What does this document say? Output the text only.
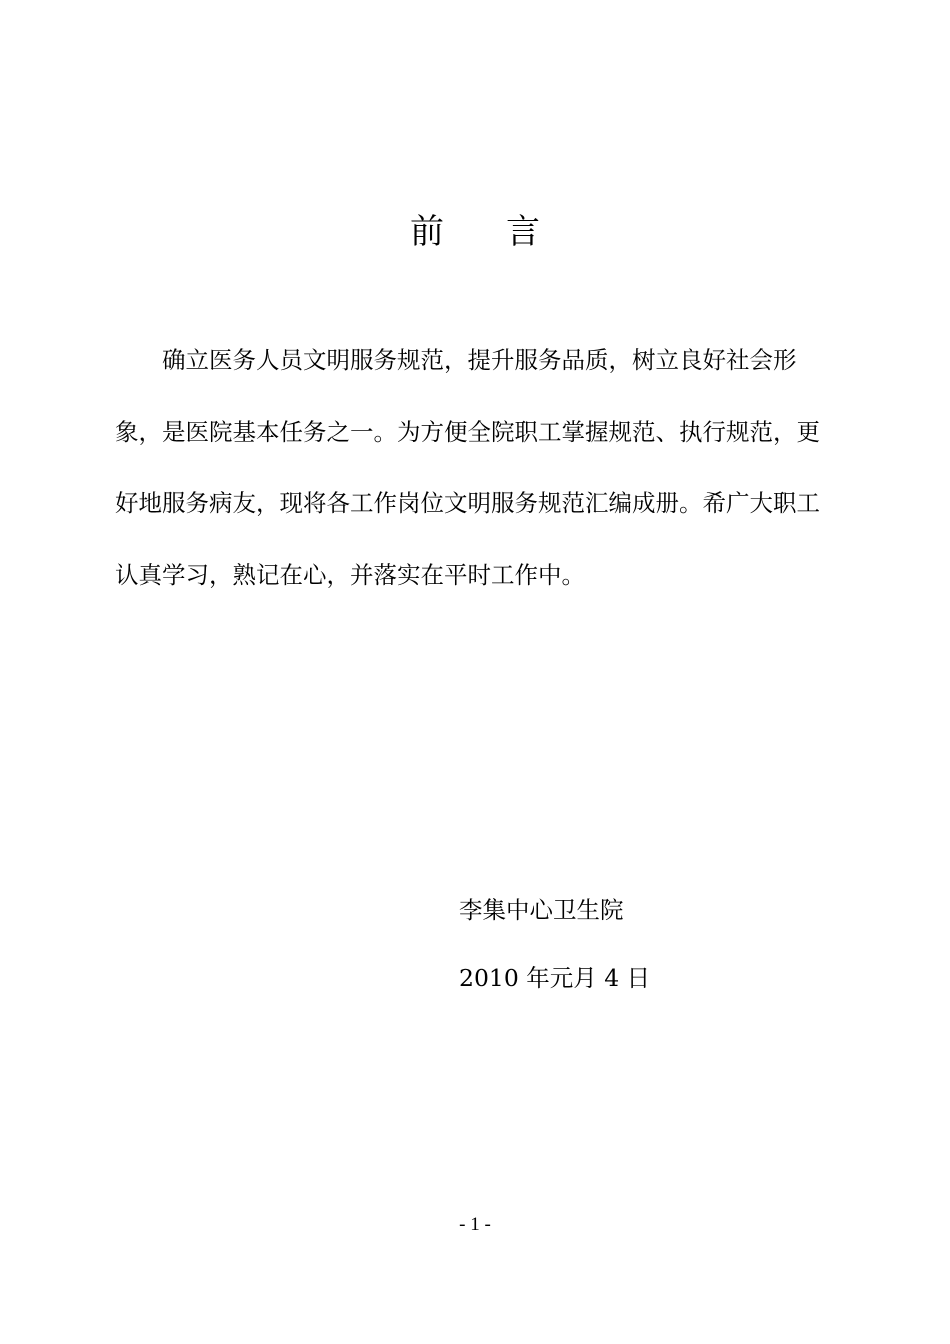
前言

确立医务人员文明服务规范，提升服务品质，树立良好社会形象，是医院基本任务之一。为方便全院职工掌握规范、执行规范，更好地服务病友，现将各工作岗位文明服务规范汇编成册。希广大职工认真学习，熟记在心，并落实在平时工作中。

李集中心卫生院
2010 年元月 4 日
- 1 -
